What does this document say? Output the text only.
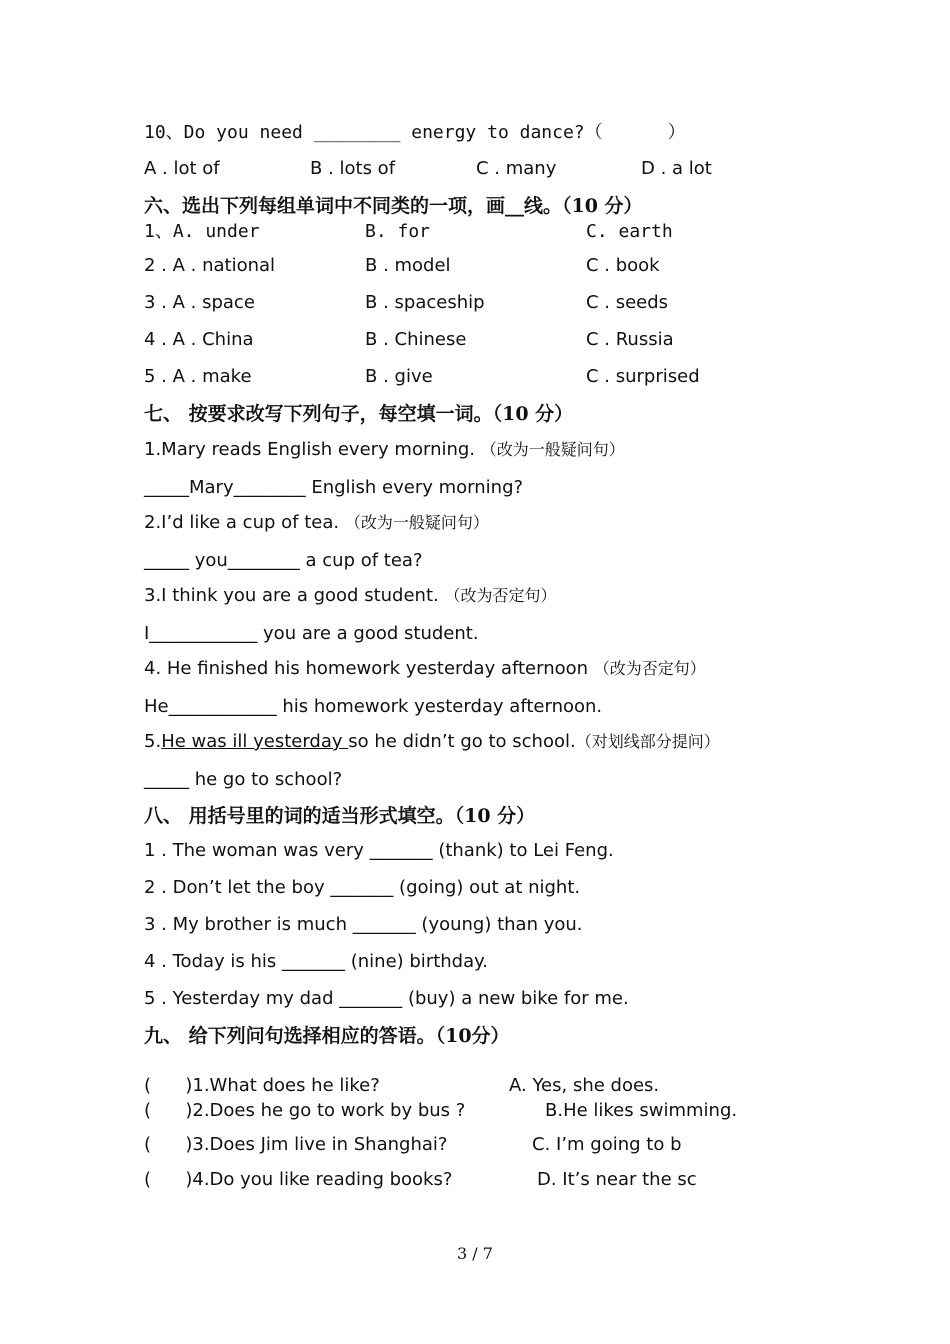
10、Do you need ________ energy to dance?（      ）
A . lot of	B . lots of	C . many	D . a lot
六、选出下列每组单词中不同类的一项，画__线。（10 分）
1、A. under	B. for	C. earth
2 . A . national	B . model	C . book
3 . A . space	B . spaceship	C . seeds
4 . A . China	B . Chinese	C . Russia
5 . A . make	B . give	C . surprised
七、 按要求改写下列句子，每空填一词。（10 分）
1.Mary reads English every morning. （改为一般疑问句）
_____Mary________ English every morning?
2.I’d like a cup of tea. （改为一般疑问句）
_____ you________ a cup of tea?
3.I think you are a good student. （改为否定句）
I____________ you are a good student.
4. He finished his homework yesterday afternoon （改为否定句）
He____________ his homework yesterday afternoon.
5.He was ill yesterday so he didn’t go to school.（对划线部分提问）
_____ he go to school?
八、 用括号里的词的适当形式填空。（10 分）
1 . The woman was very _______ (thank) to Lei Feng.
2 . Don’t let the boy _______ (going) out at night.
3 . My brother is much _______ (young) than you.
4 . Today is his _______ (nine) birthday.
5 . Yesterday my dad _______ (buy) a new bike for me.
九、 给下列问句选择相应的答语。（10分）
(      )1.What does he like?	A. Yes, she does.
(      )2.Does he go to work by bus ?	B.He likes swimming.
(      )3.Does Jim live in Shanghai?	C. I’m going to b
(      )4.Do you like reading books?	D. It’s near the sc
3 / 7
